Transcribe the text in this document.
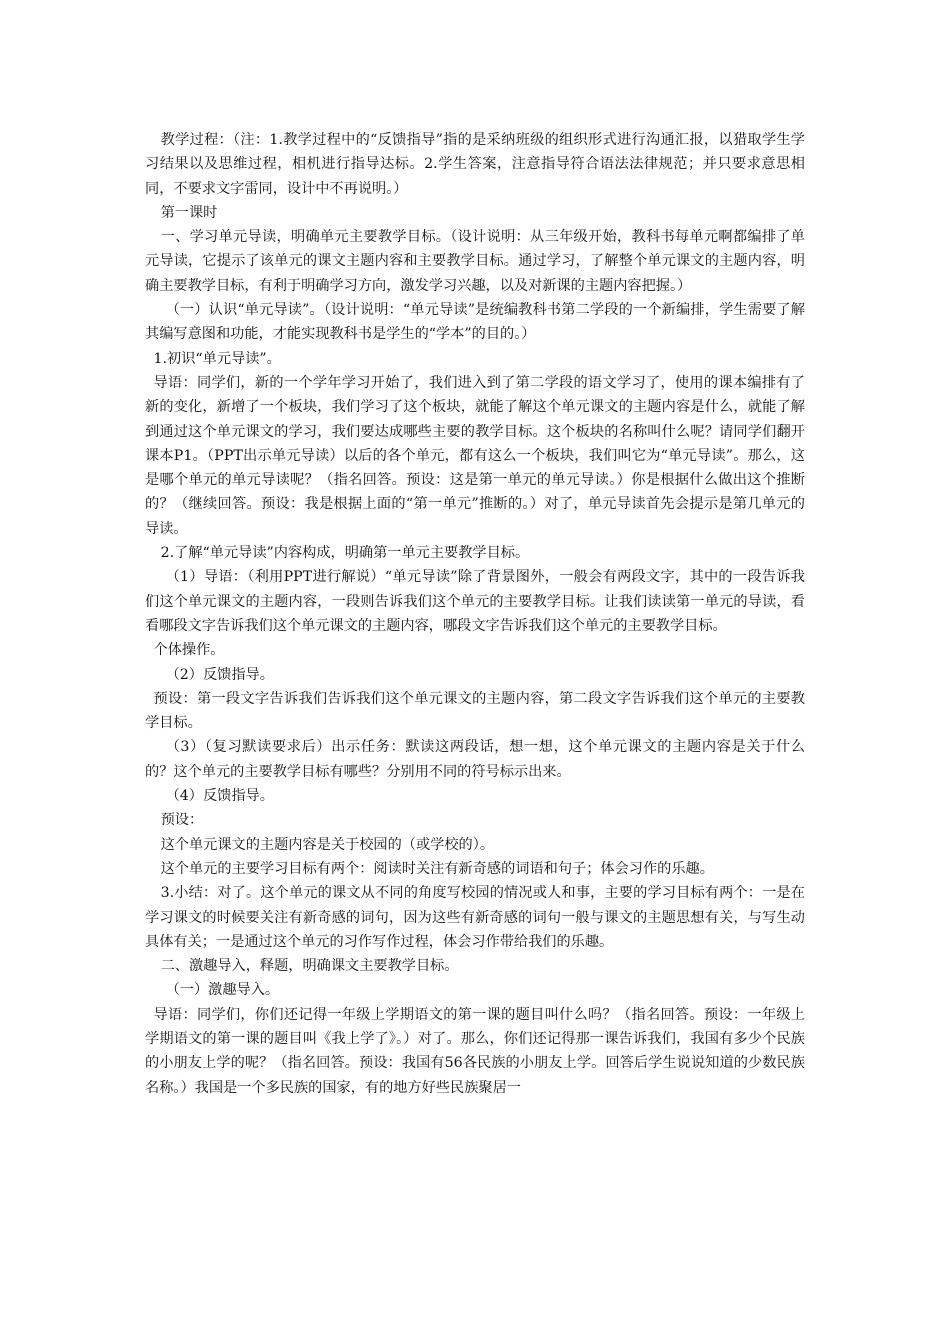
教学过程：（注：1.教学过程中的“反馈指导”指的是采纳班级的组织形式进行沟通汇报，以猎取学生学习结果以及思维过程，相机进行指导达标。2.学生答案，注意指导符合语法法律规范；并只要求意思相同，不要求文字雷同，设计中不再说明。）

第一课时

一、学习单元导读，明确单元主要教学目标。（设计说明：从三年级开始，教科书每单元啊都编排了单元导读，它提示了该单元的课文主题内容和主要教学目标。通过学习，了解整个单元课文的主题内容，明确主要教学目标，有利于明确学习方向，激发学习兴趣，以及对新课的主题内容把握。）

（一）认识“单元导读”。（设计说明：“单元导读”是统编教科书第二学段的一个新编排，学生需要了解其编写意图和功能，才能实现教科书是学生的“学本”的目的。）

1.初识“单元导读”。

导语：同学们，新的一个学年学习开始了，我们进入到了第二学段的语文学习了，使用的课本编排有了新的变化，新增了一个板块，我们学习了这个板块，就能了解这个单元课文的主题内容是什么，就能了解到通过这个单元课文的学习，我们要达成哪些主要的教学目标。这个板块的名称叫什么呢？请同学们翻开课本P1。（PPT出示单元导读）以后的各个单元，都有这么一个板块，我们叫它为“单元导读”。那么，这是哪个单元的单元导读呢？（指名回答。预设：这是第一单元的单元导读。）你是根据什么做出这个推断的？（继续回答。预设：我是根据上面的“第一单元”推断的。）对了，单元导读首先会提示是第几单元的导读。

2.了解“单元导读”内容构成，明确第一单元主要教学目标。

（1）导语：（利用PPT进行解说）“单元导读”除了背景图外，一般会有两段文字，其中的一段告诉我们这个单元课文的主题内容，一段则告诉我们这个单元的主要教学目标。让我们读读第一单元的导读，看看哪段文字告诉我们这个单元课文的主题内容，哪段文字告诉我们这个单元的主要教学目标。

个体操作。

（2）反馈指导。

预设：第一段文字告诉我们告诉我们这个单元课文的主题内容，第二段文字告诉我们这个单元的主要教学目标。

（3）（复习默读要求后）出示任务：默读这两段话，想一想，这个单元课文的主题内容是关于什么的？这个单元的主要教学目标有哪些？分别用不同的符号标示出来。

（4）反馈指导。

预设：

这个单元课文的主题内容是关于校园的（或学校的）。

这个单元的主要学习目标有两个：阅读时关注有新奇感的词语和句子；体会习作的乐趣。

3.小结：对了。这个单元的课文从不同的角度写校园的情况或人和事，主要的学习目标有两个：一是在学习课文的时候要关注有新奇感的词句，因为这些有新奇感的词句一般与课文的主题思想有关，与写生动具体有关；一是通过这个单元的习作写作过程，体会习作带给我们的乐趣。

二、激趣导入，释题，明确课文主要教学目标。

（一）激趣导入。

导语：同学们，你们还记得一年级上学期语文的第一课的题目叫什么吗？（指名回答。预设：一年级上学期语文的第一课的题目叫《我上学了》。）对了。那么，你们还记得那一课告诉我们，我国有多少个民族的小朋友上学的呢？（指名回答。预设：我国有56各民族的小朋友上学。回答后学生说说知道的少数民族名称。）我国是一个多民族的国家，有的地方好些民族聚居一
